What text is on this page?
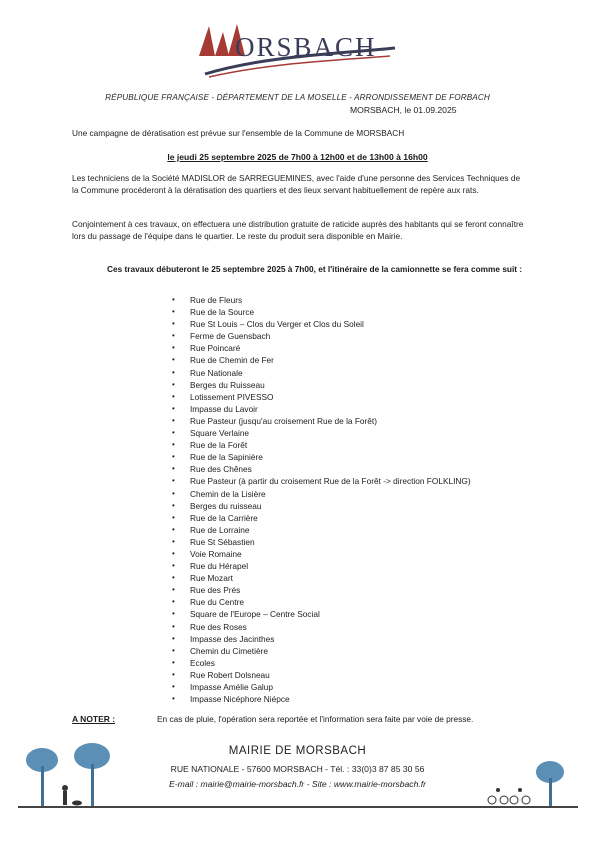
ORSBACH
RÉPUBLIQUE FRANÇAISE - DÉPARTEMENT DE LA MOSELLE - ARRONDISSEMENT DE FORBACH
MORSBACH, le 01.09.2025
Une campagne de dératisation est prévue sur l'ensemble de la Commune de MORSBACH
le jeudi 25 septembre 2025 de 7h00 à 12h00 et de 13h00 à 16h00
Les techniciens de la Société MADISLOR de SARREGUEMINES, avec l'aide d'une personne des Services Techniques de la Commune procéderont à la dératisation des quartiers et des lieux servant habituellement de repère aux rats.
Conjointement à ces travaux, on effectuera une distribution gratuite de raticide auprès des habitants qui se feront connaître lors du passage de l'équipe dans le quartier. Le reste du produit sera disponible en Mairie.
Ces travaux débuteront le 25 septembre 2025 à 7h00, et l'itinéraire de la camionnette se fera comme suit :
• Rue de Fleurs
• Rue de la Source
• Rue St Louis – Clos du Verger et Clos du Soleil
• Ferme de Guensbach
• Rue Poincaré
• Rue de Chemin de Fer
• Rue Nationale
• Berges du Ruisseau
• Lotissement PIVESSO
• Impasse du Lavoir
• Rue Pasteur (jusqu'au croisement Rue de la Forêt)
• Square Verlaine
• Rue de la Forêt
• Rue de la Sapinière
• Rue des Chênes
• Rue Pasteur (à partir du croisement Rue de la Forêt -> direction FOLKLING)
• Chemin de la Lisière
• Berges du ruisseau
• Rue de la Carrière
• Rue de Lorraine
• Rue St Sébastien
• Voie Romaine
• Rue du Hérapel
• Rue Mozart
• Rue des Prés
• Rue du Centre
• Square de l'Europe – Centre Social
• Rue des Roses
• Impasse des Jacinthes
• Chemin du Cimetière
• Ecoles
• Rue Robert Dolsneau
• Impasse Amélie Galup
• Impasse Nicéphore Niépce
A NOTER :	En cas de pluie, l'opération sera reportée et l'information sera faite par voie de presse.
MAIRIE DE MORSBACH
RUE NATIONALE - 57600 MORSBACH - Tél. : 33(0)3 87 85 30 56
E-mail : mairie@mairie-morsbach.fr - Site : www.mairie-morsbach.fr
